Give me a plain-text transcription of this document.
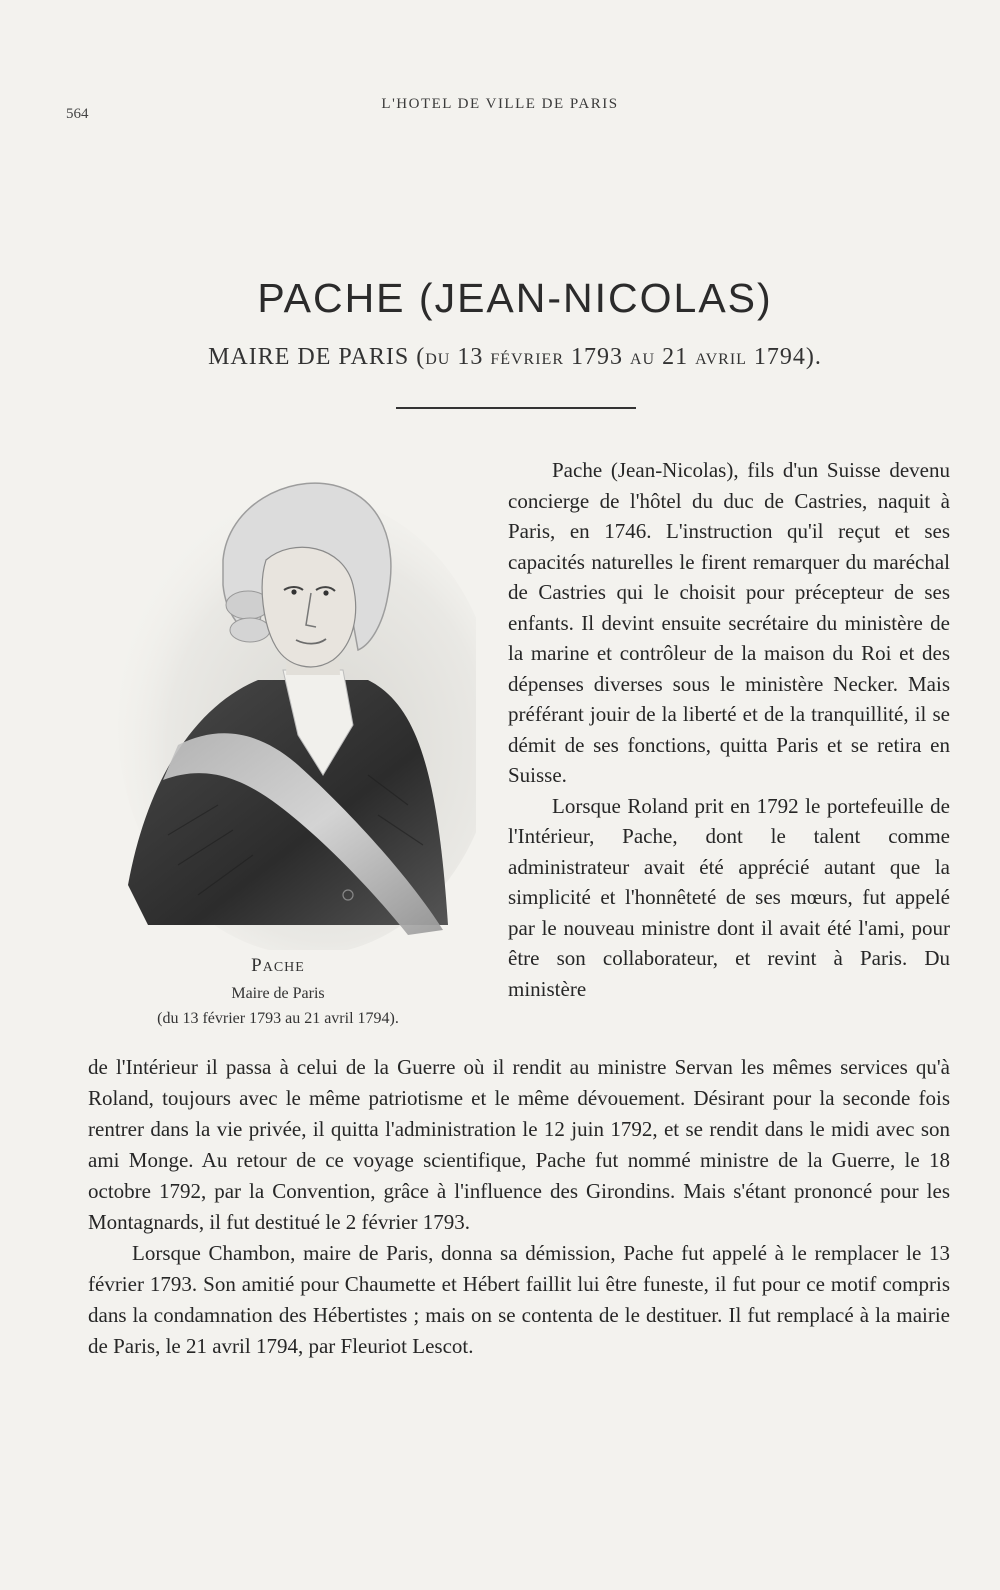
564
L'HOTEL DE VILLE DE PARIS
PACHE (JEAN-NICOLAS)
MAIRE DE PARIS (DU 13 FÉVRIER 1793 AU 21 AVRIL 1794).
PACHE
Maire de Paris
(du 13 février 1793 au 21 avril 1794).

Pache (Jean-Nicolas), fils d'un Suisse devenu concierge de l'hôtel du duc de Castries, naquit à Paris, en 1746. L'instruction qu'il reçut et ses capacités naturelles le firent remarquer du maréchal de Castries qui le choisit pour précepteur de ses enfants. Il devint ensuite secrétaire du ministère de la marine et contrôleur de la maison du Roi et des dépenses diverses sous le ministère Necker. Mais préférant jouir de la liberté et de la tranquillité, il se démit de ses fonctions, quitta Paris et se retira en Suisse.

Lorsque Roland prit en 1792 le portefeuille de l'Intérieur, Pache, dont le talent comme administrateur avait été apprécié autant que la simplicité et l'honnêteté de ses mœurs, fut appelé par le nouveau ministre dont il avait été l'ami, pour être son collaborateur, et revint à Paris. Du ministère

de l'Intérieur il passa à celui de la Guerre où il rendit au ministre Servan les mêmes services qu'à Roland, toujours avec le même patriotisme et le même dévouement. Désirant pour la seconde fois rentrer dans la vie privée, il quitta l'administration le 12 juin 1792, et se rendit dans le midi avec son ami Monge. Au retour de ce voyage scientifique, Pache fut nommé ministre de la Guerre, le 18 octobre 1792, par la Convention, grâce à l'influence des Girondins. Mais s'étant prononcé pour les Montagnards, il fut destitué le 2 février 1793.

Lorsque Chambon, maire de Paris, donna sa démission, Pache fut appelé à le remplacer le 13 février 1793. Son amitié pour Chaumette et Hébert faillit lui être funeste, il fut pour ce motif compris dans la condamnation des Hébertistes ; mais on se contenta de le destituer. Il fut remplacé à la mairie de Paris, le 21 avril 1794, par Fleuriot Lescot.
